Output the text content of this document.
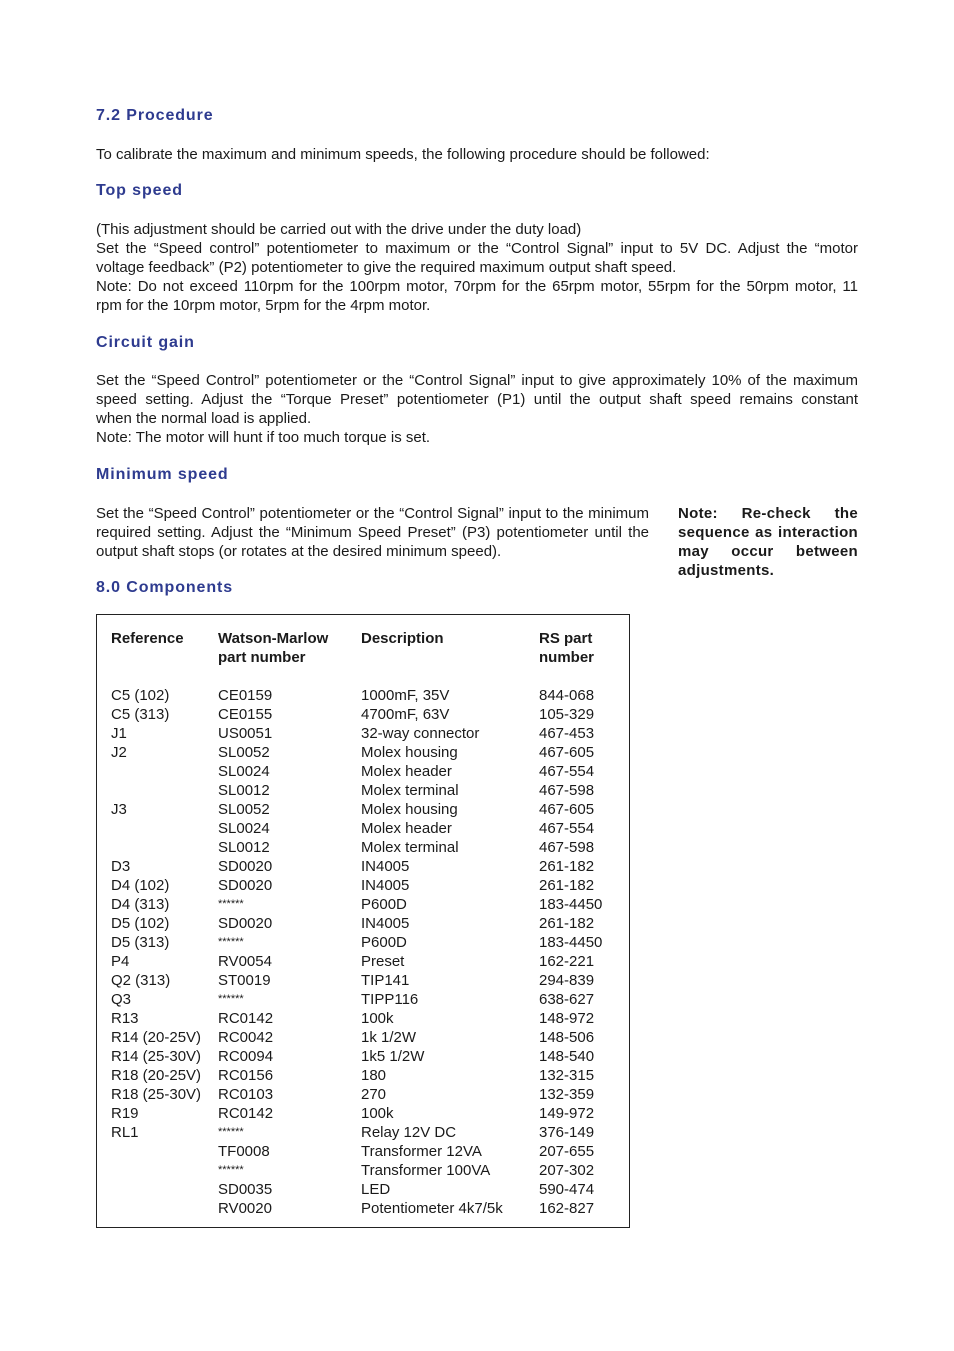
7.2 Procedure

To calibrate the maximum and minimum speeds, the following procedure should be followed:

Top speed
(This adjustment should be carried out with the drive under the duty load)
Set the “Speed control” potentiometer to maximum or the “Control Signal” input to 5V DC. Adjust the “motor
voltage feedback” (P2) potentiometer to give the required maximum output shaft speed.
Note: Do not exceed 110rpm for the 100rpm motor, 70rpm for the 65rpm motor, 55rpm for the 50rpm motor, 11
rpm for the 10rpm motor, 5rpm for the 4rpm motor.
Circuit gain
Set the “Speed Control” potentiometer or the “Control Signal” input to give approximately 10% of the maximum
speed setting. Adjust the “Torque Preset” potentiometer (P1) until the output shaft speed remains constant
when the normal load is applied.
Note: The motor will hunt if too much torque is set.
Minimum speed
Set the “Speed Control” potentiometer or the “Control Signal” input to the minimum
required setting. Adjust the “Minimum Speed Preset” (P3) potentiometer until the
output shaft stops (or rotates at the desired minimum speed).
Note: Re-check the sequence as interaction may occur between adjustments.
8.0 Components
Reference
C5 (102)
C5 (313)
J1
J2
J3
D3
D4 (102)
D4 (313)
D5 (102)
D5 (313)
P4
Q2 (313)
Q3
R13
R14 (20-25V)
R14 (25-30V)
R18 (20-25V)
R18 (25-30V)
R19
RL1
Watson-Marlow
part number
CE0159
CE0155
US0051
SL0052
SL0024
SL0012
SL0052
SL0024
SL0012
SD0020
SD0020
******
SD0020
******
RV0054
ST0019
******
RC0142
RC0042
RC0094
RC0156
RC0103
RC0142
******
TF0008
******
SD0035
RV0020
Description
1000mF, 35V
4700mF, 63V
32-way connector
Molex housing
Molex header
Molex terminal
Molex housing
Molex header
Molex terminal
IN4005
IN4005
P600D
IN4005
P600D
Preset
TIP141
TIPP116
100k
1k 1/2W
1k5 1/2W
180
270
100k
Relay 12V DC
Transformer 12VA
Transformer 100VA
LED
Potentiometer 4k7/5k
RS part
number
844-068
105-329
467-453
467-605
467-554
467-598
467-605
467-554
467-598
261-182
261-182
183-4450
261-182
183-4450
162-221
294-839
638-627
148-972
148-506
148-540
132-315
132-359
149-972
376-149
207-655
207-302
590-474
162-827
